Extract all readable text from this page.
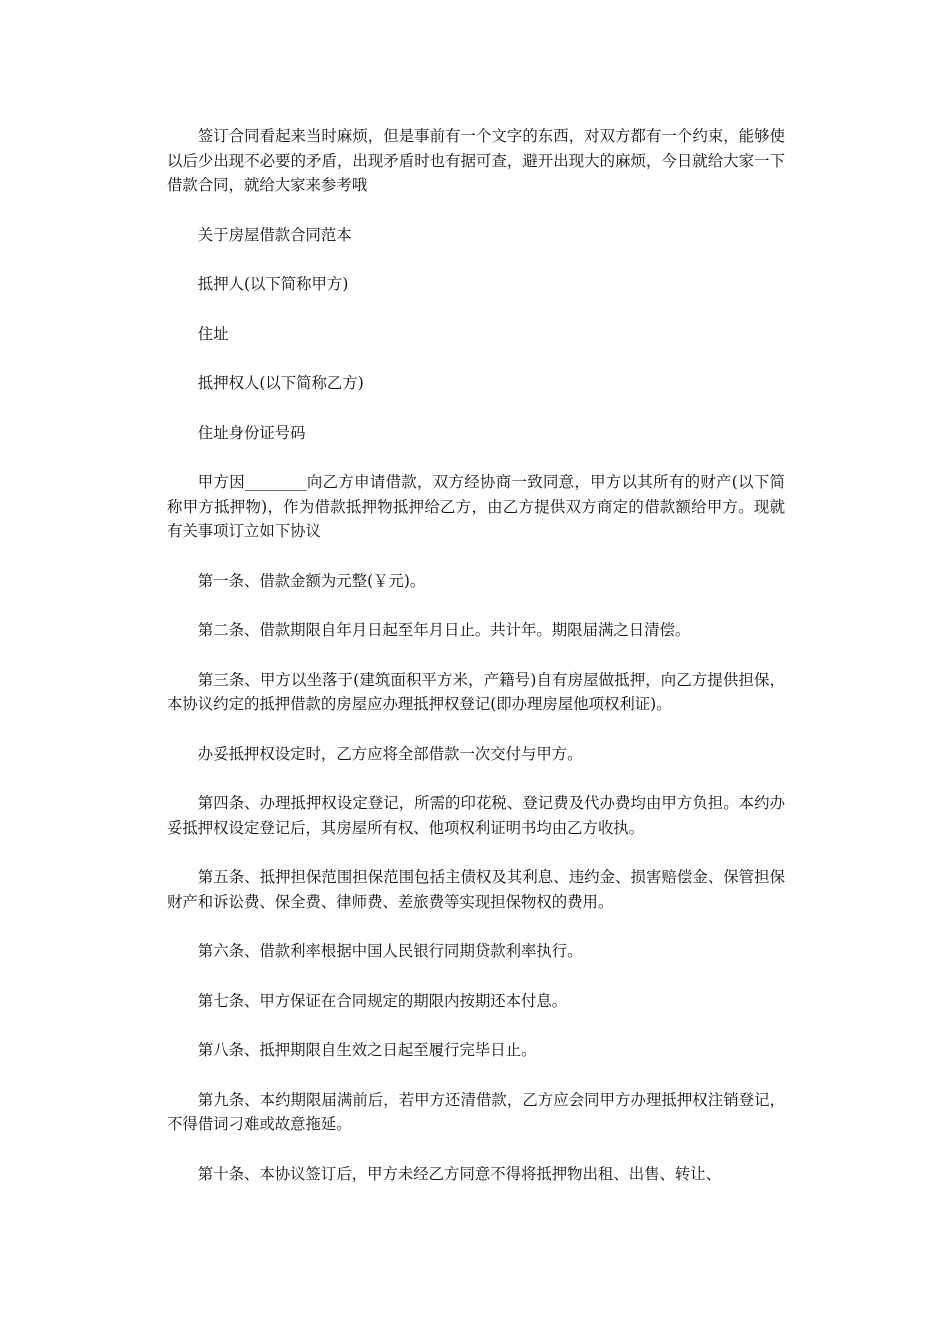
签订合同看起来当时麻烦，但是事前有一个文字的东西，对双方都有一个约束，能够使以后少出现不必要的矛盾，出现矛盾时也有据可查，避开出现大的麻烦，今日就给大家一下借款合同，就给大家来参考哦

关于房屋借款合同范本

抵押人(以下简称甲方)

住址

抵押权人(以下简称乙方)

住址身份证号码

甲方因________向乙方申请借款，双方经协商一致同意，甲方以其所有的财产(以下简称甲方抵押物)，作为借款抵押物抵押给乙方，由乙方提供双方商定的借款额给甲方。现就有关事项订立如下协议

第一条、借款金额为元整(￥元)。

第二条、借款期限自年月日起至年月日止。共计年。期限届满之日清偿。

第三条、甲方以坐落于(建筑面积平方米，产籍号)自有房屋做抵押，向乙方提供担保，本协议约定的抵押借款的房屋应办理抵押权登记(即办理房屋他项权利证)。

办妥抵押权设定时，乙方应将全部借款一次交付与甲方。

第四条、办理抵押权设定登记，所需的印花税、登记费及代办费均由甲方负担。本约办妥抵押权设定登记后，其房屋所有权、他项权利证明书均由乙方收执。

第五条、抵押担保范围担保范围包括主债权及其利息、违约金、损害赔偿金、保管担保财产和诉讼费、保全费、律师费、差旅费等实现担保物权的费用。

第六条、借款利率根据中国人民银行同期贷款利率执行。

第七条、甲方保证在合同规定的期限内按期还本付息。

第八条、抵押期限自生效之日起至履行完毕日止。

第九条、本约期限届满前后，若甲方还清借款，乙方应会同甲方办理抵押权注销登记，不得借词刁难或故意拖延。

第十条、本协议签订后，甲方未经乙方同意不得将抵押物出租、出售、转让、
